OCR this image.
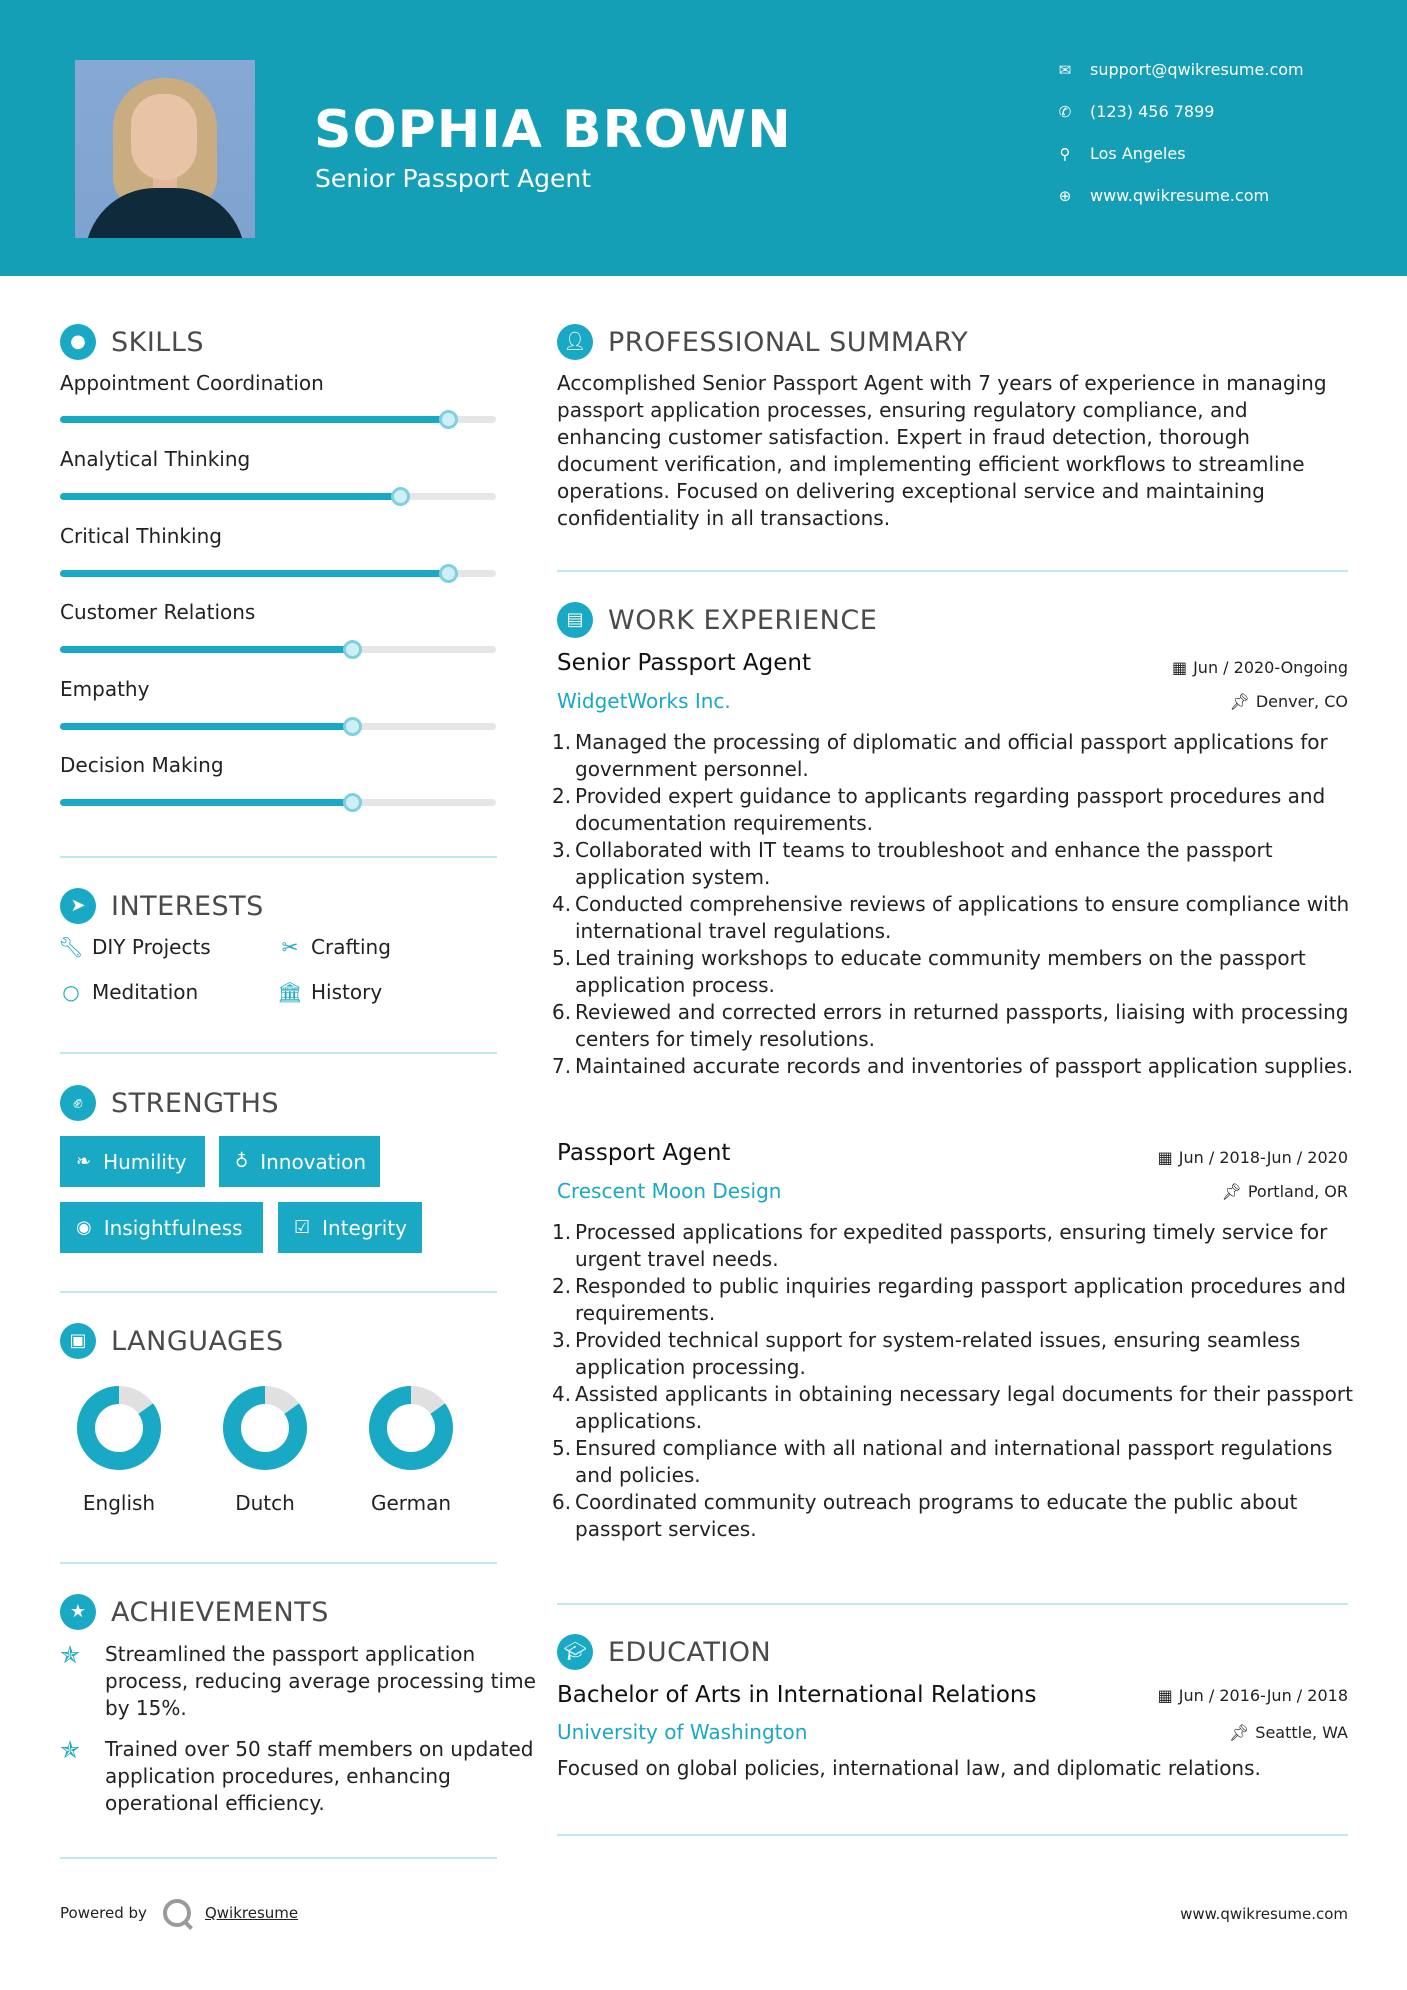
SOPHIA BROWN
Senior Passport Agent
✉ support@qwikresume.com
✆ (123) 456 7899
⚲ Los Angeles
⊕ www.qwikresume.com
● SKILLS
Appointment Coordination
Analytical Thinking
Critical Thinking
Customer Relations
Empathy
Decision Making
➤ INTERESTS
🔧︎ DIY Projects	✂ Crafting
○ Meditation	🏛︎ History
✊︎	STRENGTHS
❧ Humility	♁ Innovation
◉ Insightfulness	☑ Integrity
▣ LANGUAGES
English	Dutch	German
★ ACHIEVEMENTS
✯ Streamlined the passport application process, reducing average processing time by 15%.
✯ Trained over 50 staff members on updated application procedures, enhancing operational efficiency.
👤︎ PROFESSIONAL SUMMARY
Accomplished Senior Passport Agent with 7 years of experience in managing passport application processes, ensuring regulatory compliance, and enhancing customer satisfaction. Expert in fraud detection, thorough document verification, and implementing efficient workflows to streamline operations. Focused on delivering exceptional service and maintaining confidentiality in all transactions.
▤ WORK EXPERIENCE
Senior Passport Agent	▦ Jun / 2020-Ongoing
WidgetWorks Inc.	📌︎ Denver, CO
1. Managed the processing of diplomatic and official passport applications for government personnel.
2. Provided expert guidance to applicants regarding passport procedures and documentation requirements.
3. Collaborated with IT teams to troubleshoot and enhance the passport application system.
4. Conducted comprehensive reviews of applications to ensure compliance with international travel regulations.
5. Led training workshops to educate community members on the passport application process.
6. Reviewed and corrected errors in returned passports, liaising with processing centers for timely resolutions.
7. Maintained accurate records and inventories of passport application supplies.
Passport Agent	▦ Jun / 2018-Jun / 2020
Crescent Moon Design	📌︎ Portland, OR
1. Processed applications for expedited passports, ensuring timely service for urgent travel needs.
2. Responded to public inquiries regarding passport application procedures and requirements.
3. Provided technical support for system-related issues, ensuring seamless application processing.
4. Assisted applicants in obtaining necessary legal documents for their passport applications.
5. Ensured compliance with all national and international passport regulations and policies.
6. Coordinated community outreach programs to educate the public about passport services.
🎓︎ EDUCATION
Bachelor of Arts in International Relations	▦ Jun / 2016-Jun / 2018
University of Washington	📌︎ Seattle, WA
Focused on global policies, international law, and diplomatic relations.
Powered by	Qwikresume	www.qwikresume.com
